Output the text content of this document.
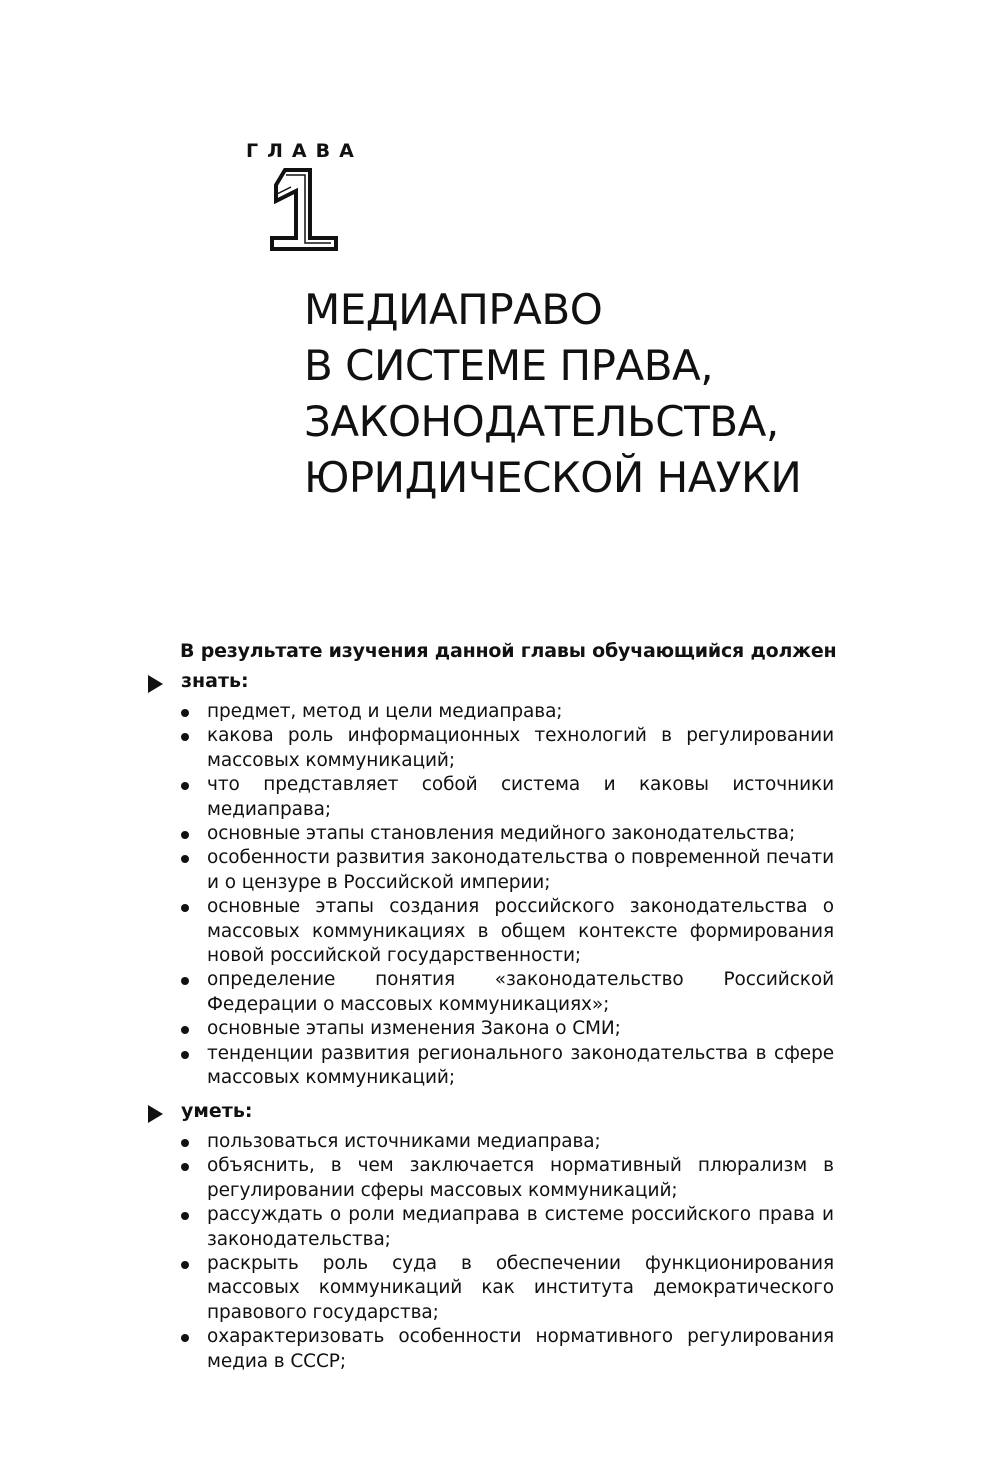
ГЛАВА
1
МЕДИАПРАВО
В СИСТЕМЕ ПРАВА,
ЗАКОНОДАТЕЛЬСТВА,
ЮРИДИЧЕСКОЙ НАУКИ
В результате изучения данной главы обучающийся должен
знать:
предмет, метод и цели медиаправа;
какова роль информационных технологий в регулировании массовых коммуникаций;
что представляет собой система и каковы источники медиаправа;
основные этапы становления медийного законодательства;
особенности развития законодательства о повременной печати и о цензуре в Российской империи;
основные этапы создания российского законодательства о массовых коммуникациях в общем контексте формирования новой российской государственности;
определение понятия «законодательство Российской Федерации о массовых коммуникациях»;
основные этапы изменения Закона о СМИ;
тенденции развития регионального законодательства в сфере массовых коммуникаций;
уметь:
пользоваться источниками медиаправа;
объяснить, в чем заключается нормативный плюрализм в регулировании сферы массовых коммуникаций;
рассуждать о роли медиаправа в системе российского права и законодательства;
раскрыть роль суда в обеспечении функционирования массовых коммуникаций как института демократического правового государства;
охарактеризовать особенности нормативного регулирования медиа в СССР;
